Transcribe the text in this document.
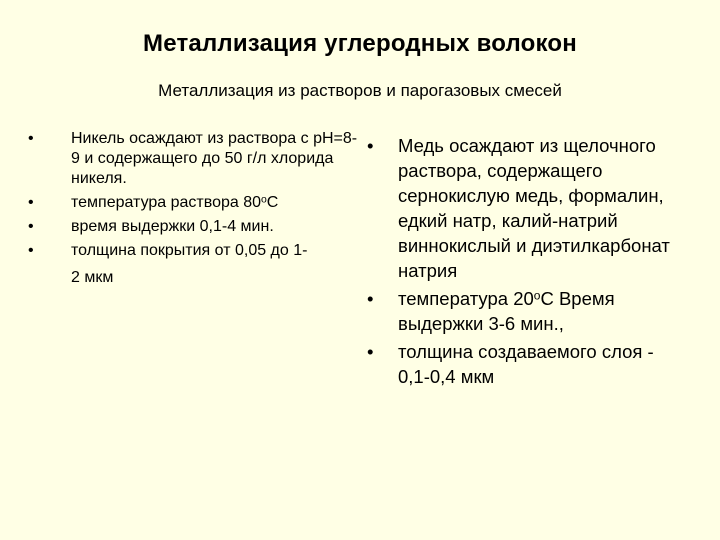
Металлизация углеродных волокон
Металлизация из растворов и парогазовых смесей
• Никель осаждают из раствора с рН=8-9 и содержащего до 50 г/л хлорида никеля.
• температура раствора $80^оС$
• время выдержки 0,1-4 мин.
• толщина покрытия от 0,05 до 1-
2 мкм
• Медь осаждают из щелочного раствора, содержащего сернокислую медь, формалин, едкий натр, калий-натрий виннокислый и диэтилкарбонат натрия
• температура $20^оС$ Время выдержки 3-6 мин.,
• толщина создаваемого слоя -
0,1-0,4 мкм
